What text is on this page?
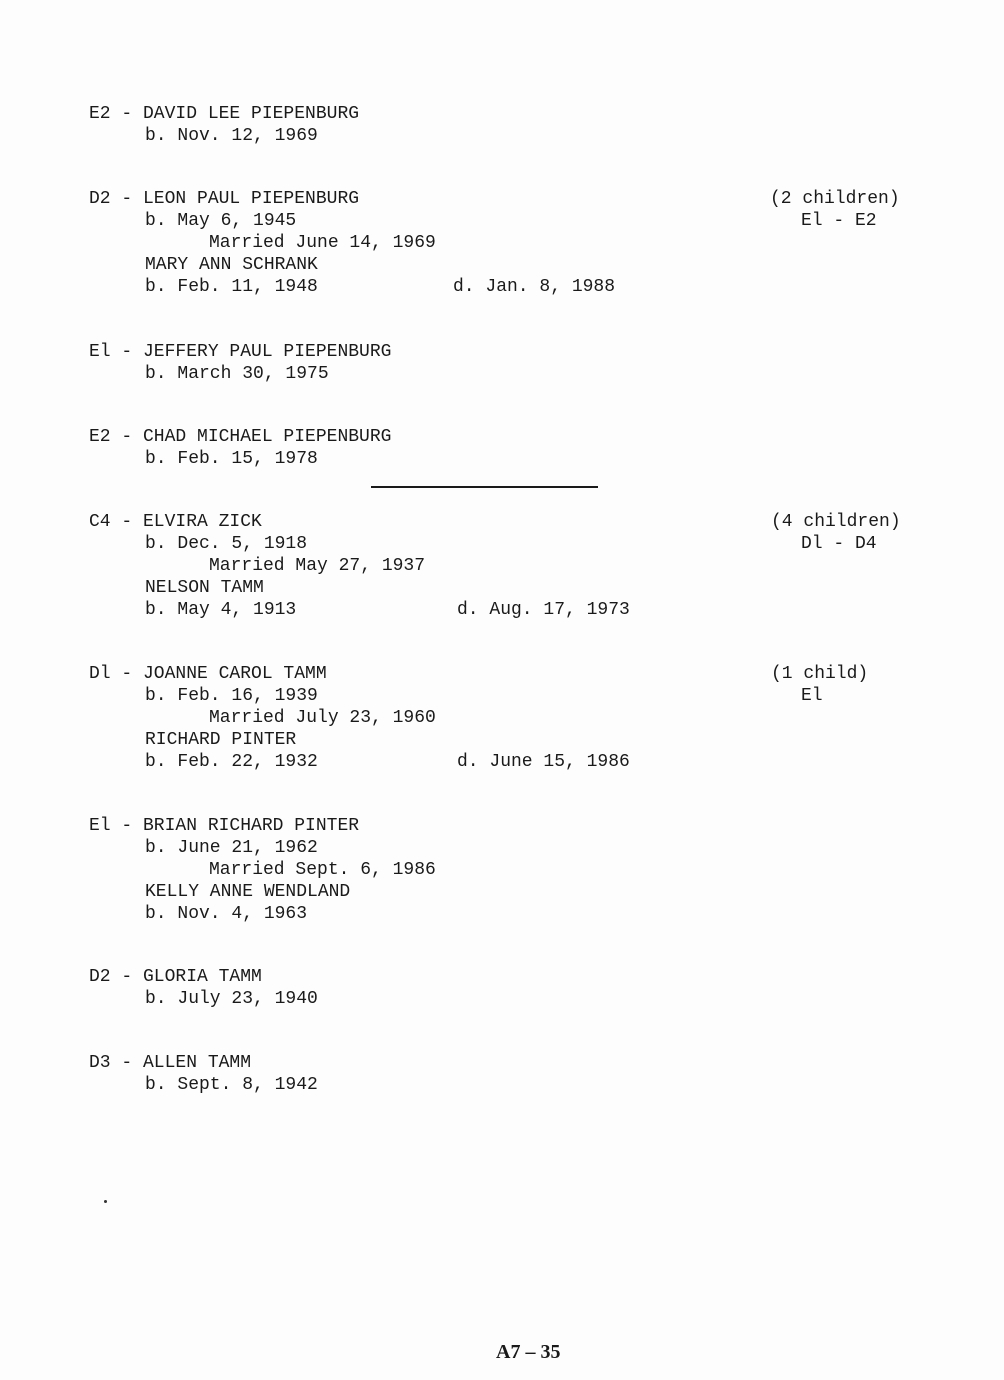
E2 - DAVID LEE PIEPENBURG
b. Nov. 12, 1969
D2 - LEON PAUL PIEPENBURG
b. May 6, 1945
Married June 14, 1969
MARY ANN SCHRANK
b. Feb. 11, 1948	d. Jan. 8, 1988
(2 children)
El - E2
El - JEFFERY PAUL PIEPENBURG
b. March 30, 1975
E2 - CHAD MICHAEL PIEPENBURG
b. Feb. 15, 1978
C4 - ELVIRA ZICK
b. Dec. 5, 1918
Married May 27, 1937
NELSON TAMM
b. May 4, 1913	d. Aug. 17, 1973
(4 children)
Dl - D4
Dl - JOANNE CAROL TAMM
b. Feb. 16, 1939
Married July 23, 1960
RICHARD PINTER
b. Feb. 22, 1932	d. June 15, 1986
(1 child)
El
El - BRIAN RICHARD PINTER
b. June 21, 1962
Married Sept. 6, 1986
KELLY ANNE WENDLAND
b. Nov. 4, 1963
D2 - GLORIA TAMM
b. July 23, 1940
D3 - ALLEN TAMM
b. Sept. 8, 1942
A7 – 35
